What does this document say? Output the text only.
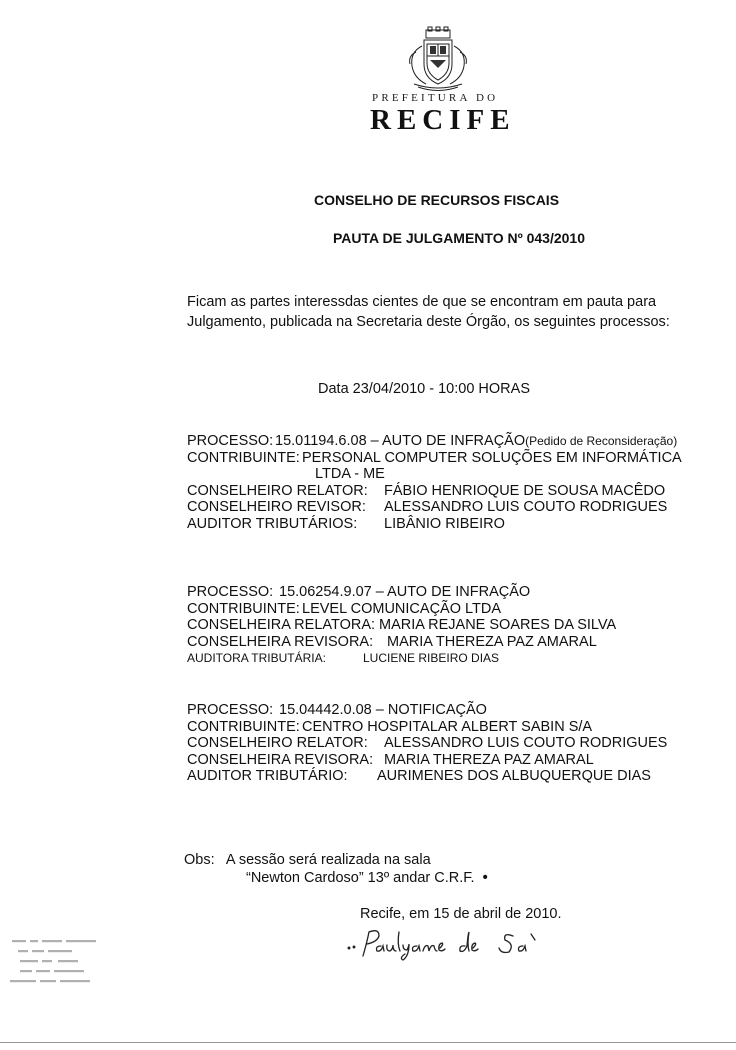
PREFEITURA DO
RECIFE
CONSELHO DE RECURSOS FISCAIS
PAUTA DE JULGAMENTO Nº 043/2010
Ficam as partes interessdas cientes de que se encontram em pauta para
Julgamento, publicada na Secretaria deste Órgão, os seguintes processos:
Data 23/04/2010 - 10:00 HORAS
PROCESSO: 15.01194.6.08 – AUTO DE INFRAÇÃO(Pedido de Reconsideração)
CONTRIBUINTE: PERSONAL COMPUTER SOLUÇÕES EM INFORMÁTICA
LTDA - ME
CONSELHEIRO RELATOR: FÁBIO HENRIOQUE DE SOUSA MACÊDO
CONSELHEIRO REVISOR: ALESSANDRO LUIS COUTO RODRIGUES
AUDITOR TRIBUTÁRIOS: LIBÂNIO RIBEIRO
PROCESSO: 15.06254.9.07 – AUTO DE INFRAÇÃO
CONTRIBUINTE: LEVEL COMUNICAÇÃO LTDA
CONSELHEIRA RELATORA: MARIA REJANE SOARES DA SILVA
CONSELHEIRA REVISORA: MARIA THEREZA PAZ AMARAL
AUDITORA TRIBUTÁRIA:	LUCIENE RIBEIRO DIAS
PROCESSO: 15.04442.0.08 – NOTIFICAÇÃO
CONTRIBUINTE: CENTRO HOSPITALAR ALBERT SABIN S/A
CONSELHEIRO RELATOR: ALESSANDRO LUIS COUTO RODRIGUES
CONSELHEIRA REVISORA: MARIA THEREZA PAZ AMARAL
AUDITOR TRIBUTÁRIO: AURIMENES DOS ALBUQUERQUE DIAS
Obs: A sessão será realizada na sala
“Newton Cardoso” 13º andar C.R.F.  •
Recife, em 15 de abril de 2010.
